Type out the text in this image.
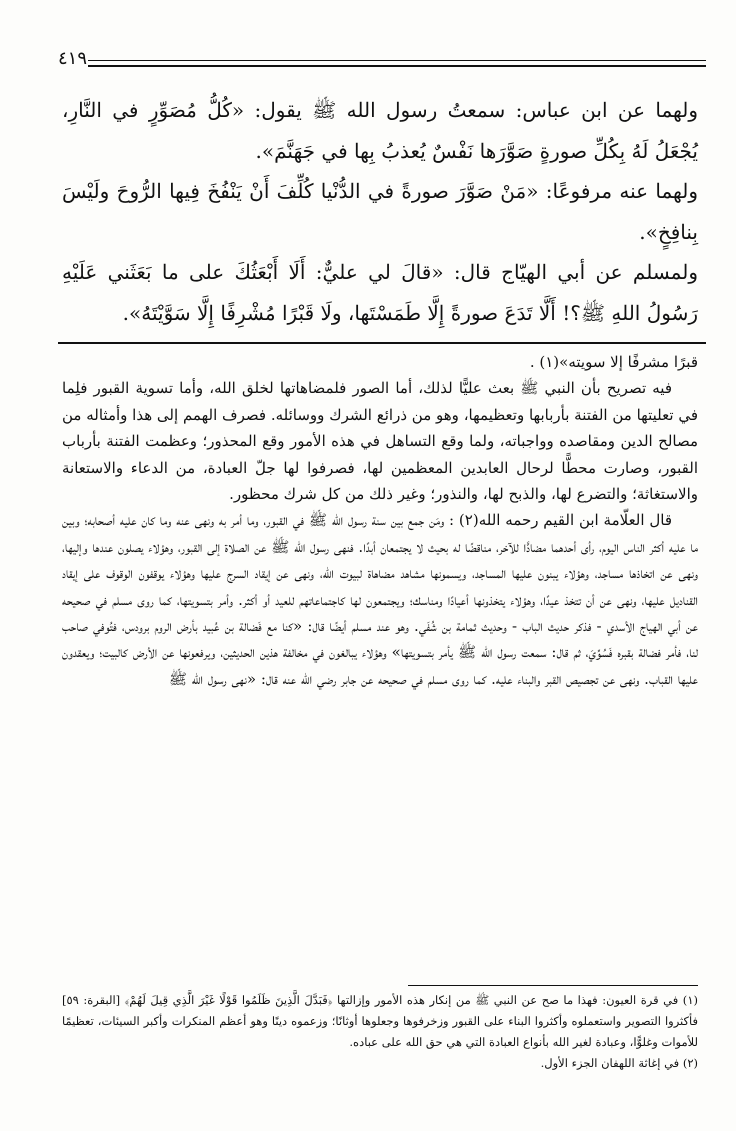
٤١٩

ولهما عن ابن عباس: سمعتُ رسول الله ﷺ يقول: «كُلُّ مُصَوِّرٍ في النَّارِ، يُجْعَلُ لَهُ بِكُلِّ صورةٍ صَوَّرَها نَفْسٌ يُعذبُ بِها في جَهَنَّمَ».

ولهما عنه مرفوعًا: «مَنْ صَوَّرَ صورةً في الدُّنْيا كُلِّفَ أَنْ يَنْفُخَ فِيها الرُّوحَ ولَيْسَ بِنافِخٍ».

ولمسلم عن أبي الهيّاج قال: «قالَ لي عليٌّ: أَلَا أَبْعَثُكَ على ما بَعَثَني عَلَيْهِ رَسُولُ اللهِ ﷺ؟! أَلَّا تَدَعَ صورةً إِلَّا طَمَسْتَها، ولَا قَبْرًا مُشْرِفًا إِلَّا سَوَّيْتَهُ».

قبرًا مشرفًا إلا سويته»(١) .

فيه تصريح بأن النبي ﷺ بعث عليًّا لذلك، أما الصور فلمضاهاتها لخلق الله، وأما تسوية القبور فلِما في تعليتها من الفتنة بأربابها وتعظيمها، وهو من ذرائع الشرك ووسائله. فصرف الهمم إلى هذا وأمثاله من مصالح الدين ومقاصده وواجباته، ولما وقع التساهل في هذه الأمور وقع المحذور؛ وعظمت الفتنة بأرباب القبور، وصارت محطًّا لرحال العابدين المعظمين لها، فصرفوا لها جلّ العبادة، من الدعاء والاستعانة والاستغاثة؛ والتضرع لها، والذبح لها، والنذور؛ وغير ذلك من كل شرك محظور.

قال العلّامة ابن القيم رحمه الله(٢) : ومَن جمع بين سنة رسول الله ﷺ في القبور، وما أمر به ونهى عنه وما كان عليه أصحابه؛ وبين ما عليه أكثر الناس اليوم، رأى أحدهما مضادًّا للآخر، مناقضًا له بحيث لا يجتمعان أبدًا. فنهى رسول الله ﷺ عن الصلاة إلى القبور، وهؤلاء يصلون عندها وإليها، ونهى عن اتخاذها مساجد، وهؤلاء يبنون عليها المساجد، ويسمونها مشاهد مضاهاة لبيوت الله، ونهى عن إيقاد السرج عليها وهؤلاء يوقفون الوقوف على إيقاد القناديل عليها، ونهى عن أن تتخذ عيدًا، وهؤلاء يتخذونها أعيادًا ومناسك؛ ويجتمعون لها كاجتماعاتهم للعيد أو أكثر. وأمر بتسويتها، كما روى مسلم في صحيحه عن أبي الهياج الأسدي - فذكر حديث الباب - وحديث ثمامة بن شُفَي. وهو عند مسلم أيضًا قال: «كنا مع فَضالة بن عُبيد بأرض الروم برودس، فتُوفي صاحب لنا، فأمر فضالة بقبره فَسُوِّيَ، ثم قال: سمعت رسول الله ﷺ يأمر بتسويتها» وهؤلاء يبالغون في مخالفة هذين الحديثين، ويرفعونها عن الأرض كالبيت؛ ويعقدون عليها القباب. ونهى عن تجصيص القبر والبناء عليه. كما روى مسلم في صحيحه عن جابر رضي الله عنه قال: «نهى رسول الله ﷺ

(١) في قرة العيون: فهذا ما صح عن النبي ﷺ من إنكار هذه الأمور وإزالتها ﴿فَبَدَّلَ الَّذِينَ ظَلَمُوا قَوْلًا غَيْرَ الَّذِي قِيلَ لَهُمْ﴾ [البقرة: ٥٩] فأكثروا التصوير واستعملوه وأكثروا البناء على القبور وزخرفوها وجعلوها أوثانًا؛ وزعموه دينًا وهو أعظم المنكرات وأكبر السيئات، تعظيمًا للأموات وغلوًّا، وعبادة لغير الله بأنواع العبادة التي هي حق الله على عباده.

(٢) في إغاثة اللهفان الجزء الأول.
